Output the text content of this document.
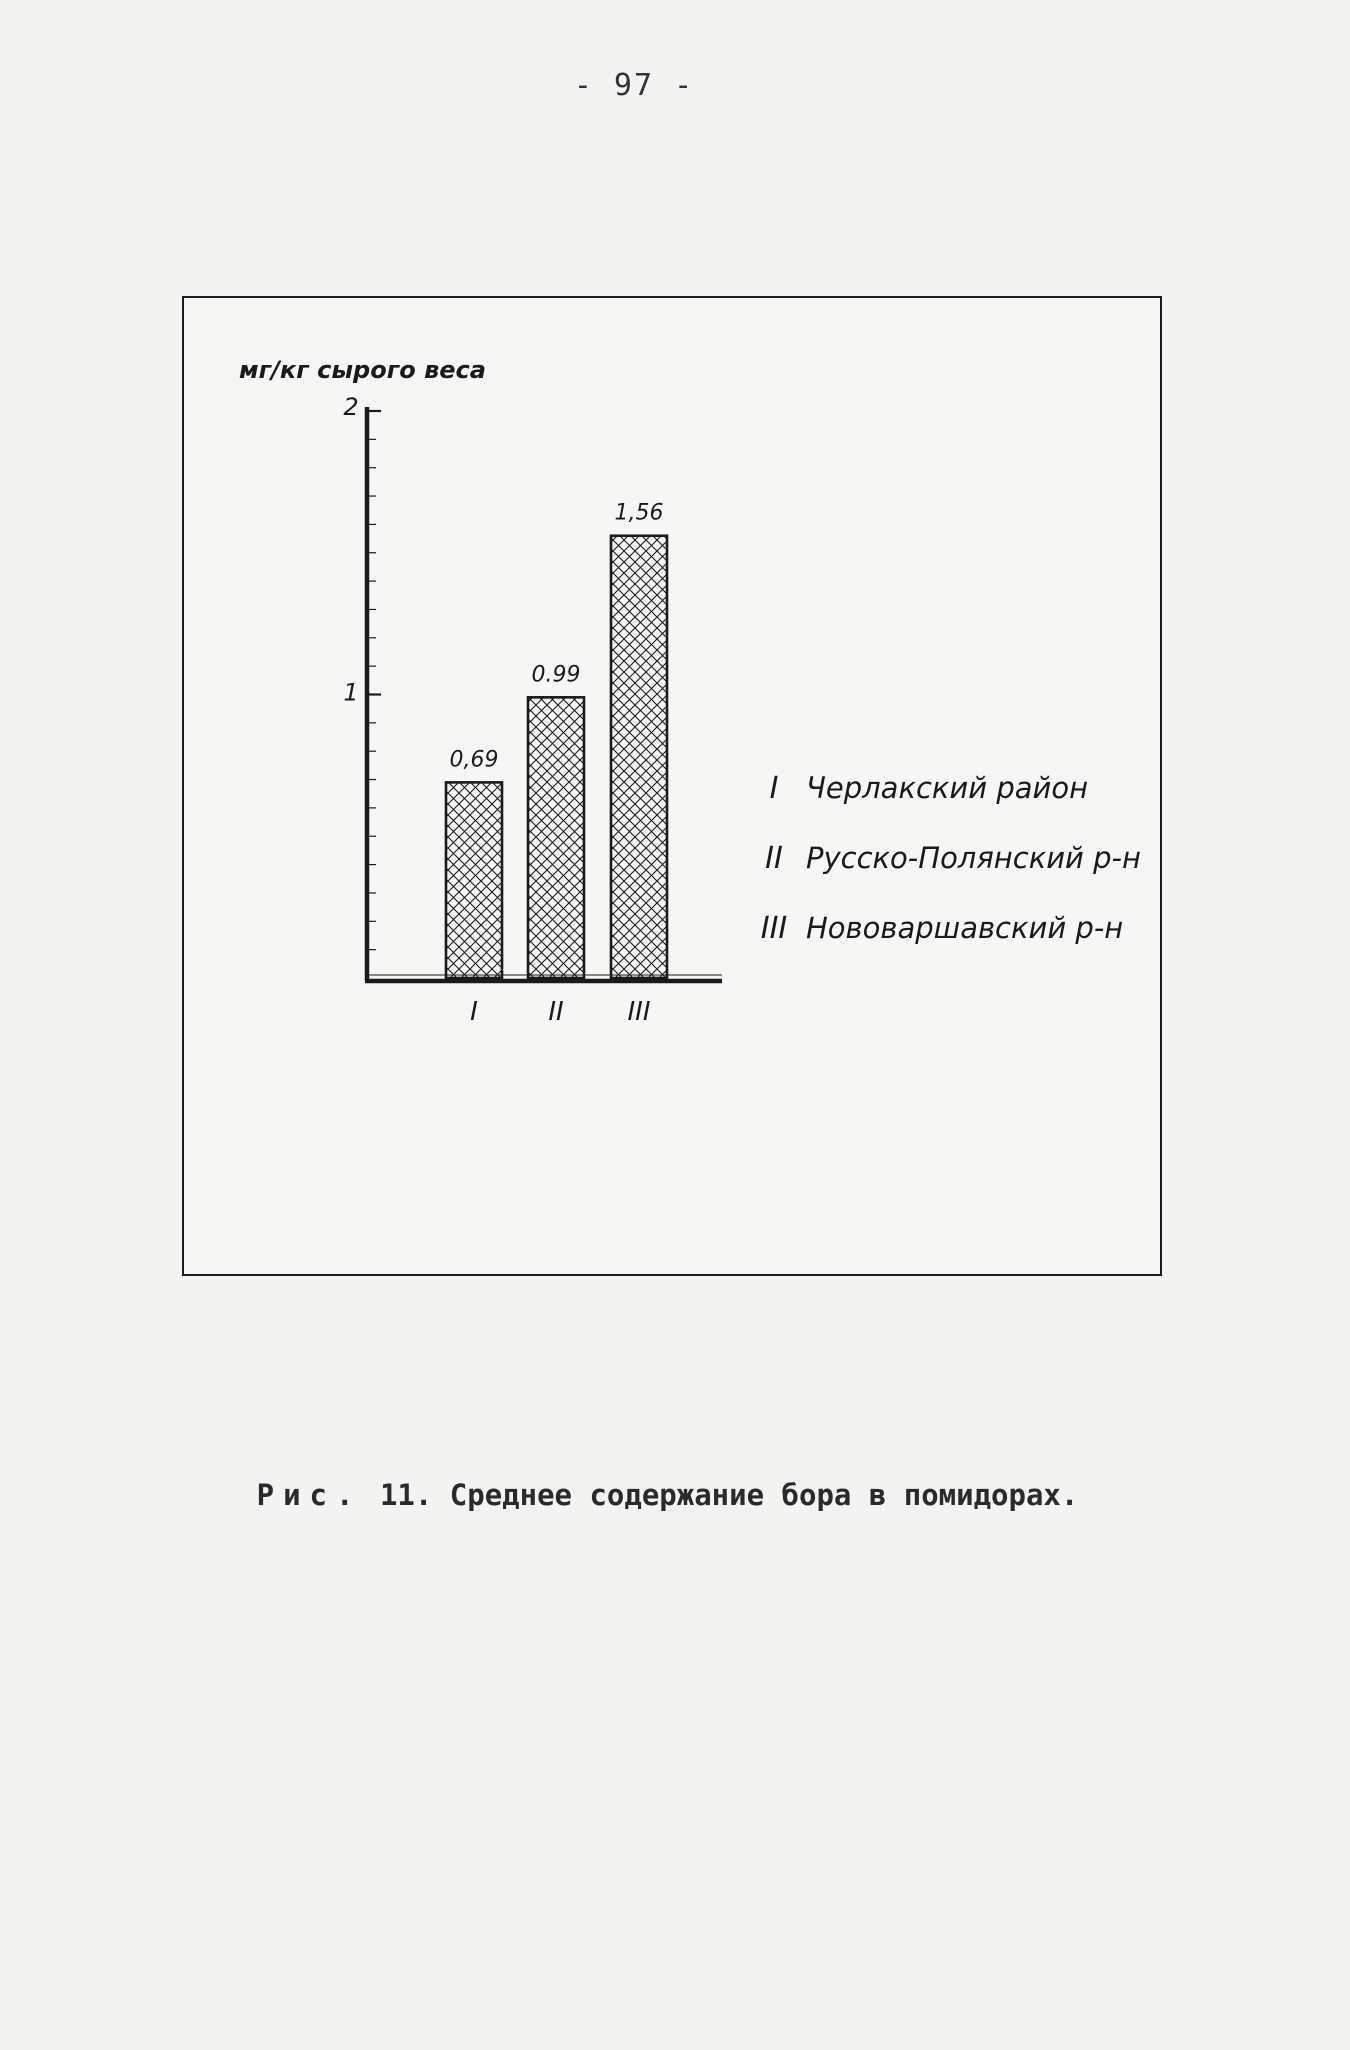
- 97 -
1
2
мг/кг сырого веса
0,69
I
0.99
II
1,56
III
I Черлакский район
II Русско-Полянский р-н
III Нововаршавский р-н
Рис. 11. Среднее содержание бора в помидорах.
